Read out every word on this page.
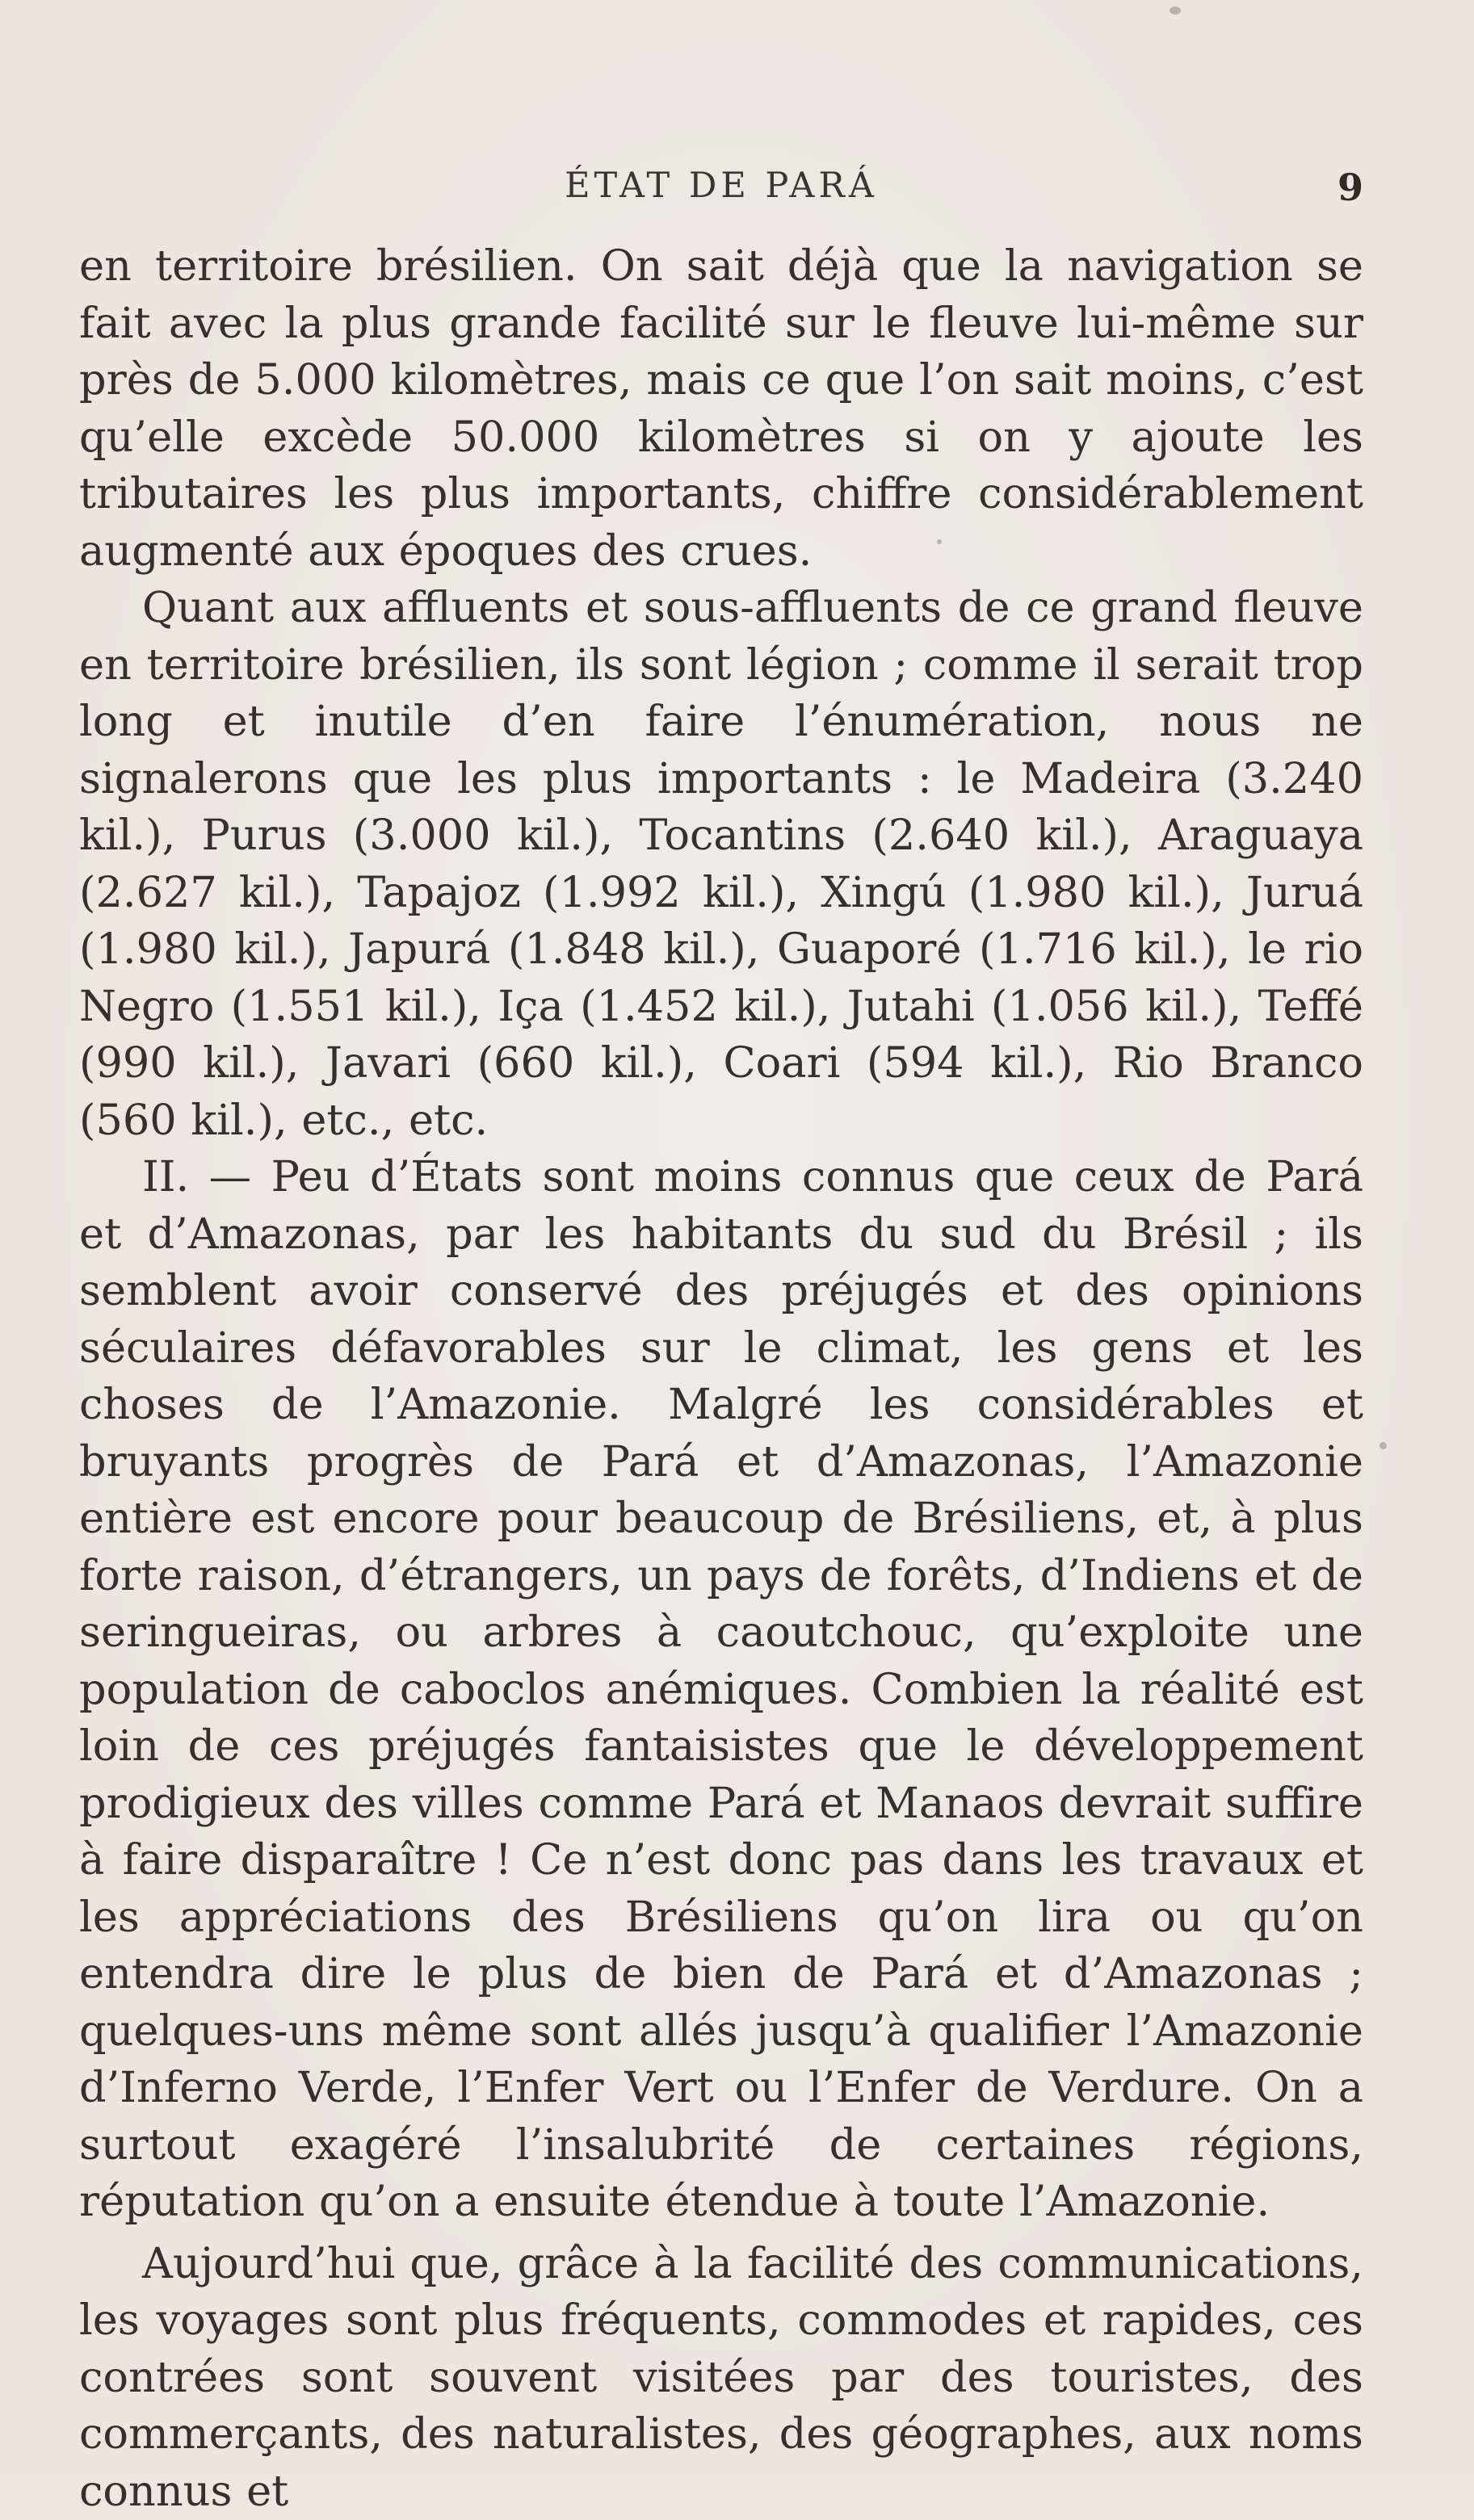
ÉTAT DE PARÁ	9

en territoire brésilien. On sait déjà que la navigation se fait avec la plus grande facilité sur le fleuve lui-même sur près de 5.000 kilomètres, mais ce que l’on sait moins, c’est qu’elle excède 50.000 kilomètres si on y ajoute les tributaires les plus importants, chiffre considérablement augmenté aux époques des crues.

Quant aux affluents et sous-affluents de ce grand fleuve en territoire brésilien, ils sont légion ; comme il serait trop long et inutile d’en faire l’énumération, nous ne signalerons que les plus importants : le Madeira (3.240 kil.), Purus (3.000 kil.), Tocantins (2.640 kil.), Araguaya (2.627 kil.), Tapajoz (1.992 kil.), Xingú (1.980 kil.), Juruá (1.980 kil.), Japurá (1.848 kil.), Guaporé (1.716 kil.), le rio Negro (1.551 kil.), Iça (1.452 kil.), Jutahi (1.056 kil.), Teffé (990 kil.), Javari (660 kil.), Coari (594 kil.), Rio Branco (560 kil.), etc., etc.

II. — Peu d’États sont moins connus que ceux de Pará et d’Amazonas, par les habitants du sud du Brésil ; ils semblent avoir conservé des préjugés et des opinions séculaires défavorables sur le climat, les gens et les choses de l’Amazonie. Malgré les considérables et bruyants progrès de Pará et d’Amazonas, l’Amazonie entière est encore pour beaucoup de Brésiliens, et, à plus forte raison, d’étrangers, un pays de forêts, d’Indiens et de seringueiras, ou arbres à caoutchouc, qu’exploite une population de caboclos anémiques. Combien la réalité est loin de ces préjugés fantaisistes que le développement prodigieux des villes comme Pará et Manaos devrait suffire à faire disparaître ! Ce n’est donc pas dans les travaux et les appréciations des Brésiliens qu’on lira ou qu’on entendra dire le plus de bien de Pará et d’Amazonas ; quelques-uns même sont allés jusqu’à qualifier l’Amazonie d’Inferno Verde, l’Enfer Vert ou l’Enfer de Verdure. On a surtout exagéré l’insalubrité de certaines régions, réputation qu’on a ensuite étendue à toute l’Amazonie.

Aujourd’hui que, grâce à la facilité des communications, les voyages sont plus fréquents, commodes et rapides, ces contrées sont souvent visitées par des touristes, des commerçants, des naturalistes, des géographes, aux noms connus et
